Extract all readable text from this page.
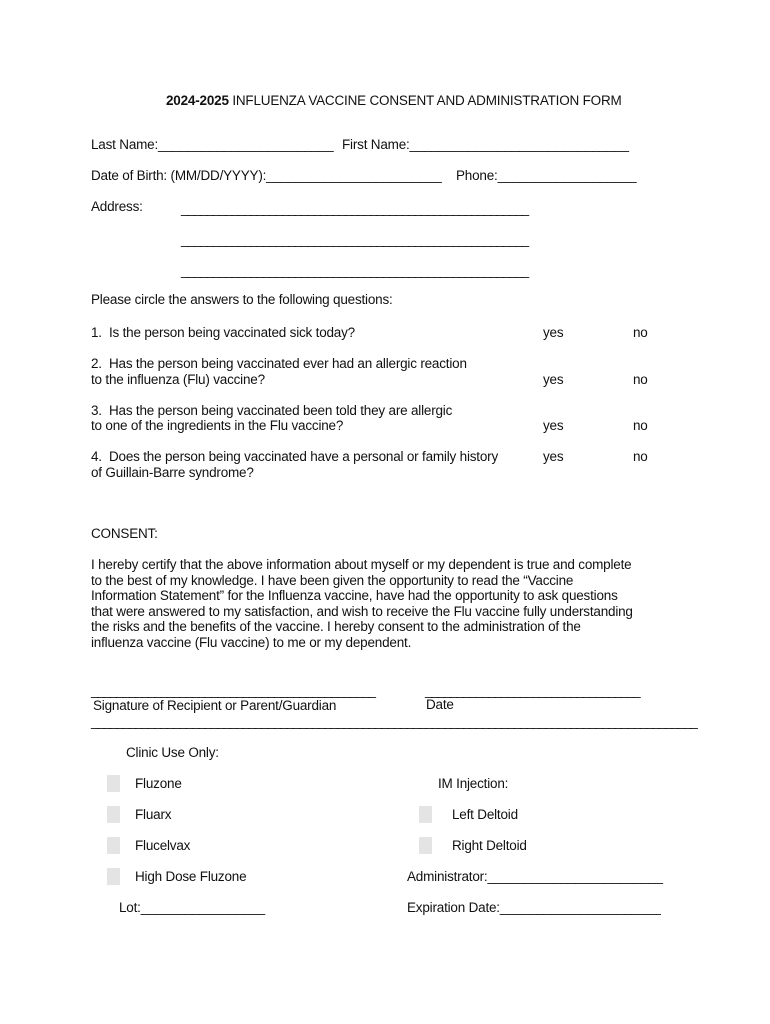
2024-2025 INFLUENZA VACCINE CONSENT AND ADMINISTRATION FORM
Last Name:________________________ First Name:______________________________
Date of Birth: (MM/DD/YYYY):________________________ Phone:___________________
Address:	_______________________________________________________
_______________________________________________________
_______________________________________________________
Please circle the answers to the following questions:
1. Is the person being vaccinated sick today?	yes	no
2. Has the person being vaccinated ever had an allergic reaction
to the influenza (Flu) vaccine?	yes	no
3. Has the person being vaccinated been told they are allergic
to one of the ingredients in the Flu vaccine?	yes	no
4. Does the person being vaccinated have a personal or family history
of Guillain-Barre syndrome?
yes	no
CONSENT:
I hereby certify that the above information about myself or my dependent is true and complete
to the best of my knowledge. I have been given the opportunity to read the “Vaccine
Information Statement” for the Influenza vaccine, have had the opportunity to ask questions
that were answered to my satisfaction, and wish to receive the Flu vaccine fully understanding
the risks and the benefits of the vaccine. I hereby consent to the administration of the
influenza vaccine (Flu vaccine) to me or my dependent.
_____________________________________________	__________________________________
Signature of Recipient or Parent/Guardian	Date
________________________________________________________________________________________________
Clinic Use Only:
Fluzone
Fluarx
Flucelvax
High Dose Fluzone
IM Injection:
Left Deltoid
Right Deltoid
Administrator:________________________
Lot:_________________	Expiration Date:______________________
